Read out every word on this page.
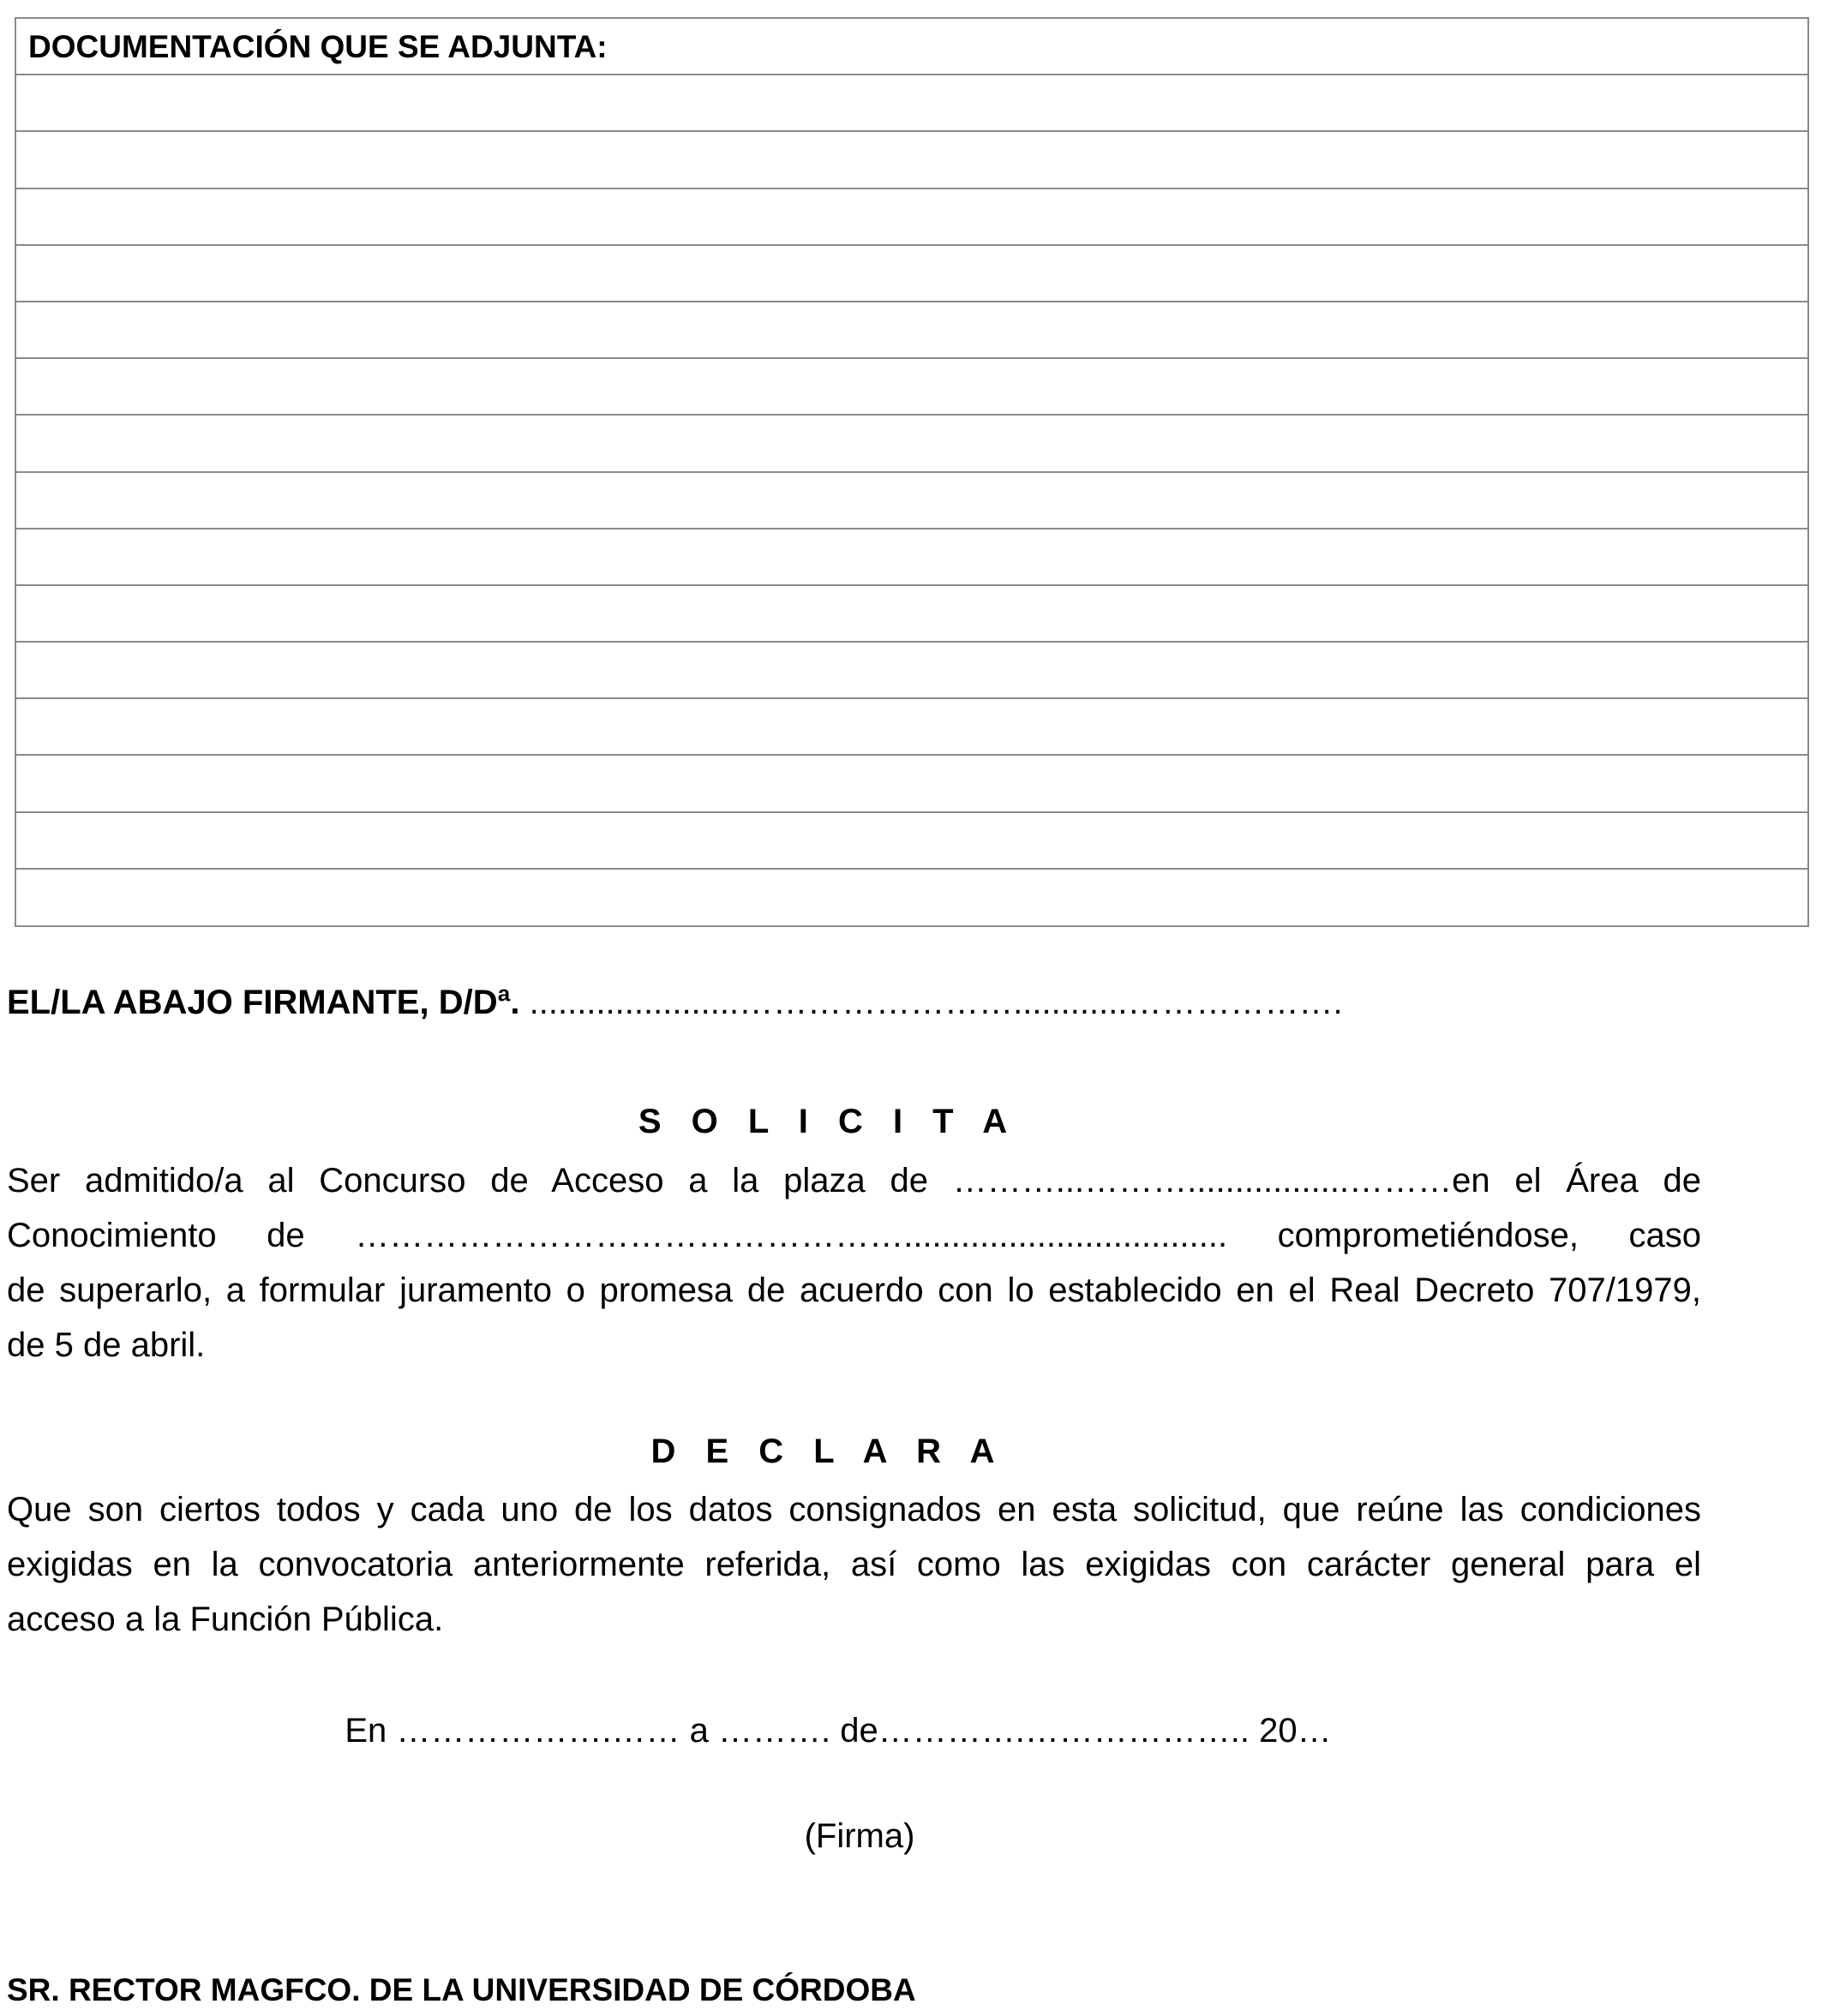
DOCUMENTACIÓN QUE SE ADJUNTA:
EL/LA ABAJO FIRMANTE, D/Dª. ......................……………………............……………….
S O L I C I T A
Ser admitido/a al Concurso de Acceso a la plaza de ………...……….................………en el Área de
Conocimiento de ………………………………………….................................. comprometiéndose, caso
de superarlo, a formular juramento o promesa de acuerdo con lo establecido en el Real Decreto 707/1979,
de 5 de abril.
D E C L A R A
Que son ciertos todos y cada uno de los datos consignados en esta solicitud, que reúne las condiciones
exigidas en la convocatoria anteriormente referida, así como las exigidas con carácter general para el
acceso a la Función Pública.
En ……………….…… a ………. de………….……………….. 20…
(Firma)
SR. RECTOR MAGFCO. DE LA UNIVERSIDAD DE CÓRDOBA
